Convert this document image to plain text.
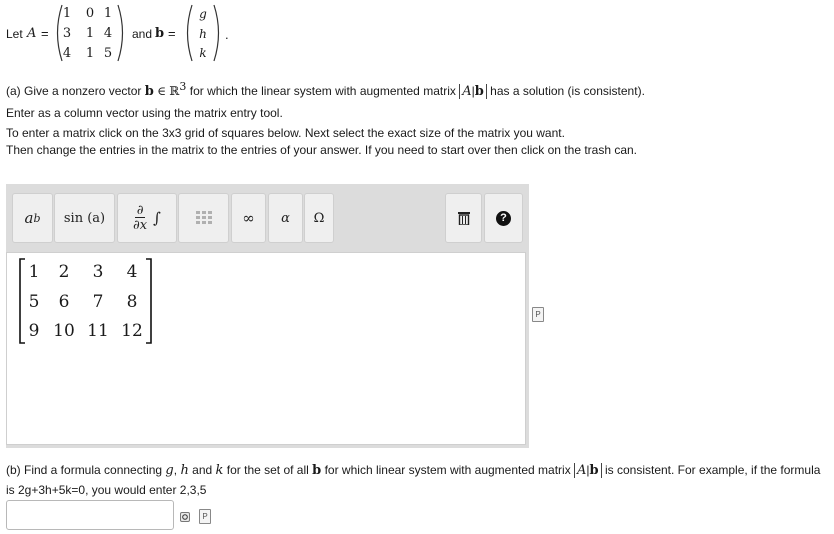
Let A =
1 0 1
3 1 4
4 1 5
and b =
g
h
k
.
(a) Give a nonzero vector b ∈ ℝ$^3$ for which the linear system with augmented matrix A|b has a solution (is consistent).
Enter as a column vector using the matrix entry tool.
To enter a matrix click on the 3x3 grid of squares below. Next select the exact size of the matrix you want.
Then change the entries in the matrix to the entries of your answer. If you need to start over then click on the trash can.
a b	sin (a)	∂
∂x ∫	∞	α	Ω	?
1	2	3	4
5	6	7	8
9 10 11 12
P
(b) Find a formula connecting g, h and k for the set of all b for which linear system with augmented matrix A|b is consistent. For example, if the formula
is 2g+3h+5k=0, you would enter 2,3,5
P
